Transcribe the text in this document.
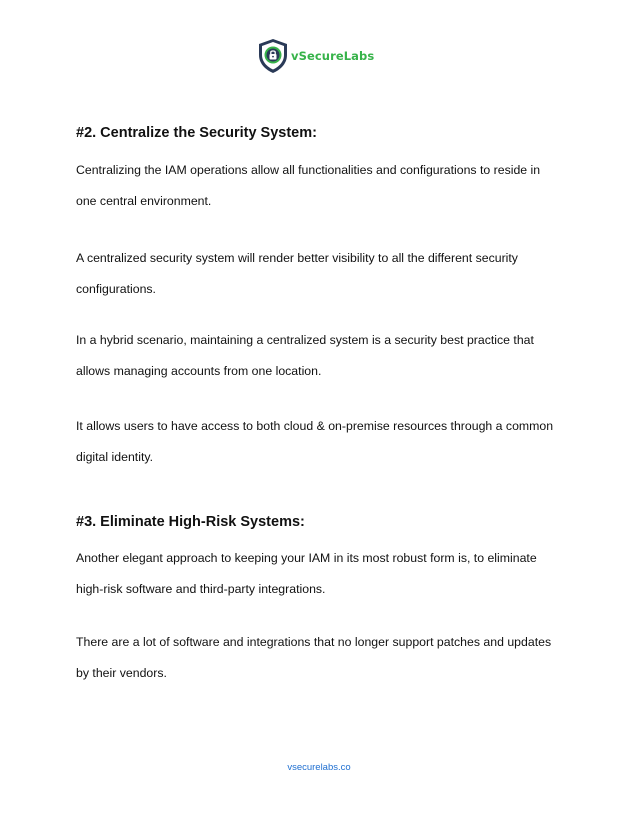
vSecureLabs
#2. Centralize the Security System:
Centralizing the IAM operations allow all functionalities and configurations to reside in
one central environment.
A centralized security system will render better visibility to all the different security
configurations.
In a hybrid scenario, maintaining a centralized system is a security best practice that
allows managing accounts from one location.
It allows users to have access to both cloud & on-premise resources through a common
digital identity.
#3. Eliminate High-Risk Systems:
Another elegant approach to keeping your IAM in its most robust form is, to eliminate
high-risk software and third-party integrations.
There are a lot of software and integrations that no longer support patches and updates
by their vendors.
vsecurelabs.co
